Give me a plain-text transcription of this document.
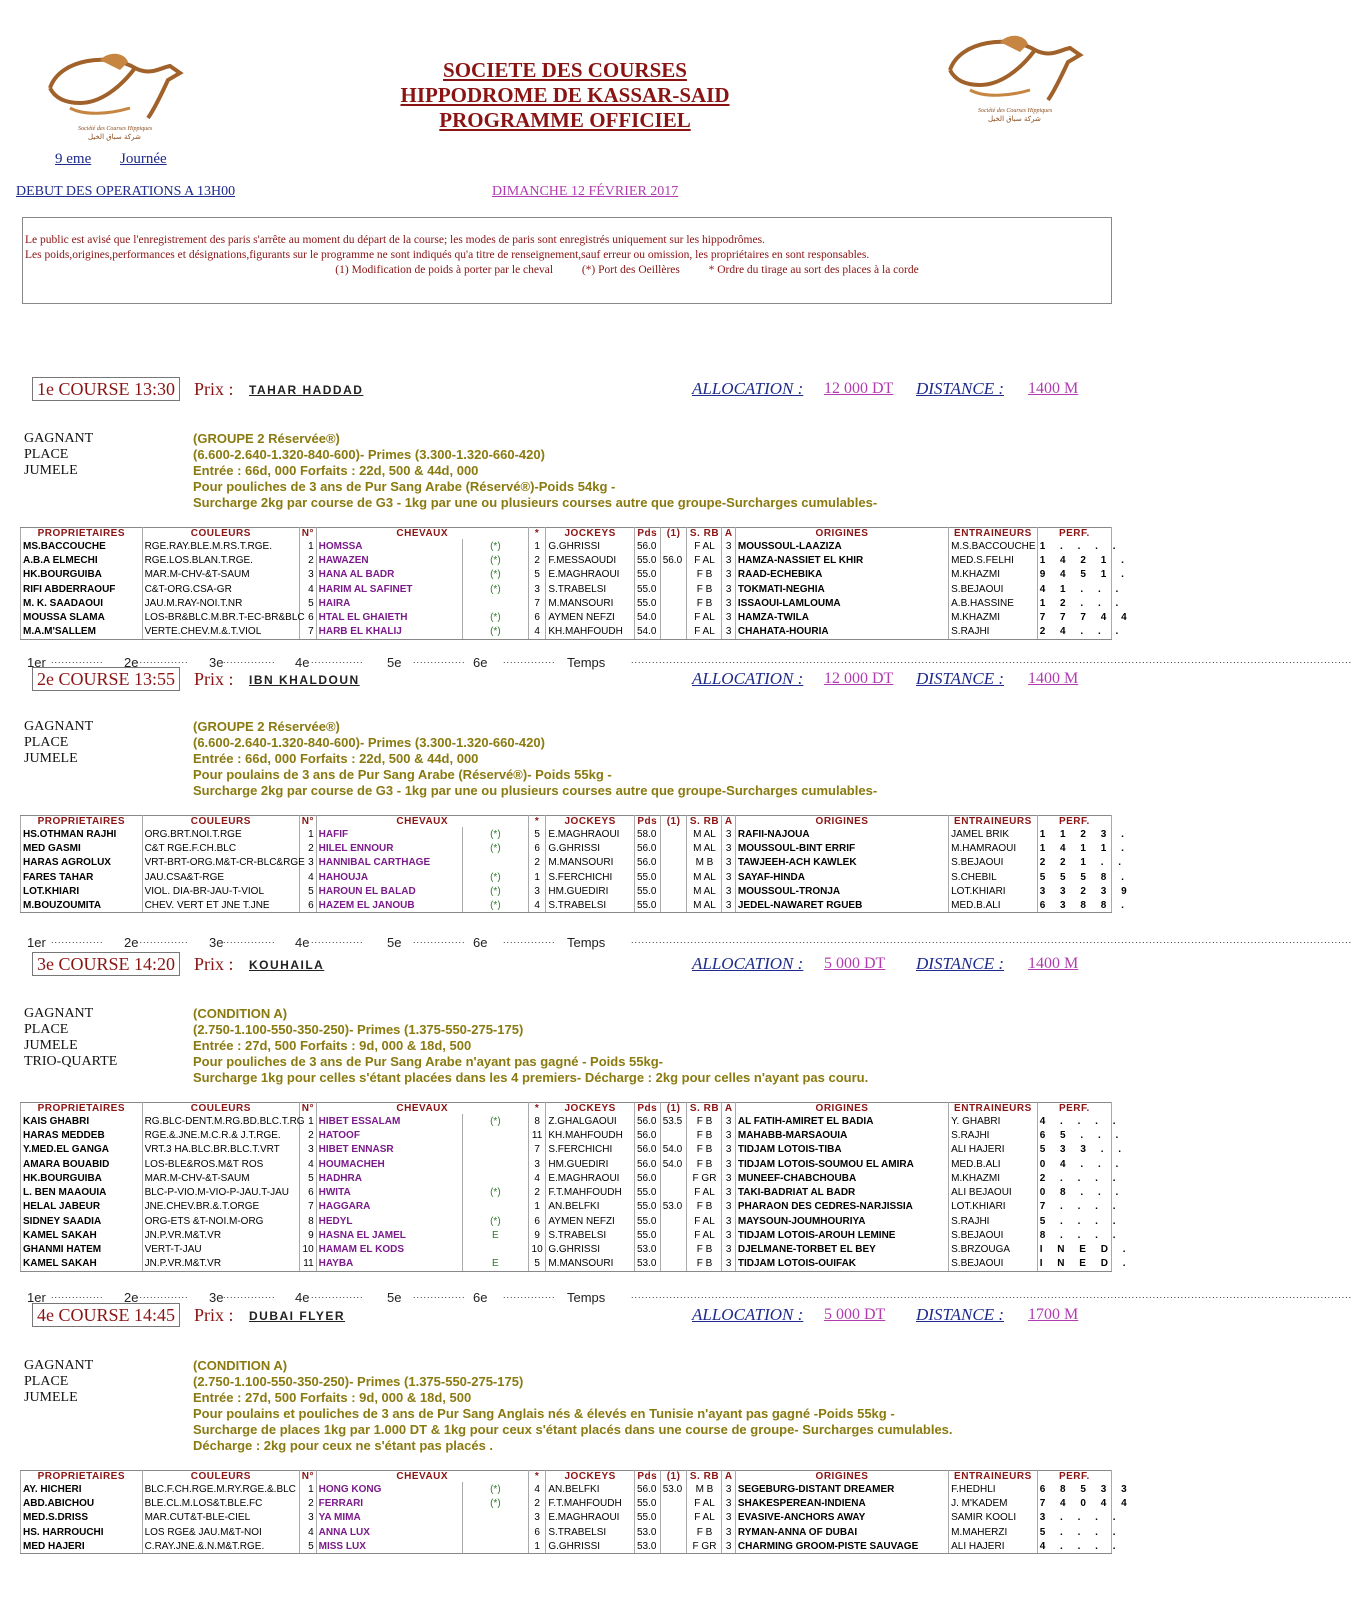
Société des Courses Hippiques
شركة سباق الخيل
Société des Courses Hippiques
شركة سباق الخيل
SOCIETE DES COURSES
HIPPODROME DE KASSAR-SAID
PROGRAMME OFFICIEL
9 eme Journée
DEBUT DES OPERATIONS A 13H00	DIMANCHE 12 FÉVRIER 2017
Le public est avisé que l'enregistrement des paris s'arrête au moment du départ de la course; les modes de paris sont enregistrés uniquement sur les hippodrômes.
Les poids,origines,performances et désignations,figurants sur le programme ne sont indiqués qu'a titre de renseignement,sauf erreur ou omission, les propriétaires en sont responsables.
(1) Modification de poids à porter par le cheval          (*) Port des Oeillères          * Ordre du tirage au sort des places à la corde
1e COURSE 13:30 Prix : TAHAR HADDAD	ALLOCATION : 12 000 DT DISTANCE : 1400 M
GAGNANT
PLACE
JUMELE
(GROUPE 2 Réservée®)
(6.600-2.640-1.320-840-600)- Primes (3.300-1.320-660-420)
Entrée : 66d, 000 Forfaits : 22d, 500 & 44d, 000
Pour pouliches de 3 ans de Pur Sang Arabe (Réservé®)-Poids 54kg -
Surcharge 2kg par course de G3 - 1kg par une ou plusieurs courses autre que groupe-Surcharges cumulables-
PROPRIETAIRES	COULEURS	N°	CHEVAUX		*	JOCKEYS	Pds	(1)	S. RB	A	ORIGINES	ENTRAINEURS	PERF.
MS.BACCOUCHE	RGE.RAY.BLE.M.RS.T.RGE.	1	HOMSSA	(*)	1	G.GHRISSI	56.0		F AL	3	MOUSSOUL-LAAZIZA	M.S.BACCOUCHE	1 . . . .
A.B.A ELMECHI	RGE.LOS.BLAN.T.RGE.	2	HAWAZEN	(*)	2	F.MESSAOUDI	55.0	56.0	F AL	3	HAMZA-NASSIET EL KHIR	MED.S.FELHI	1 4 2 1 .
HK.BOURGUIBA	MAR.M-CHV-&T-SAUM	3	HANA AL BADR	(*)	5	E.MAGHRAOUI	55.0		F B	3	RAAD-ECHEBIKA	M.KHAZMI	9 4 5 1 .
RIFI ABDERRAOUF	C&T-ORG.CSA-GR	4	HARIM AL SAFINET	(*)	3	S.TRABELSI	55.0		F B	3	TOKMATI-NEGHIA	S.BEJAOUI	4 1 . . .
M. K. SAADAOUI	JAU.M.RAY-NOI.T.NR	5	HAIRA		7	M.MANSOURI	55.0		F B	3	ISSAOUI-LAMLOUMA	A.B.HASSINE	1 2 . . .
MOUSSA SLAMA	LOS-BR&BLC.M.BR.T-EC-BR&BLC	6	HTAL EL GHAIETH	(*)	6	AYMEN NEFZI	54.0		F AL	3	HAMZA-TWILA	M.KHAZMI	7 7 7 4 4
M.A.M'SALLEM	VERTE.CHEV.M.&.T.VIOL	7	HARB EL KHALIJ	(*)	4	KH.MAHFOUDH	54.0		F AL	3	CHAHATA-HOURIA	S.RAJHI	2 4 . . .
1er ............... 2e
............... 3e ............... 4e ............... 5e ............... 6e ............... Temps	..............................................................................................................................................................................................................
2e COURSE 13:55 Prix : IBN KHALDOUN	ALLOCATION : 12 000 DT DISTANCE : 1400 M
GAGNANT
PLACE
JUMELE
(GROUPE 2 Réservée®)
(6.600-2.640-1.320-840-600)- Primes (3.300-1.320-660-420)
Entrée : 66d, 000 Forfaits : 22d, 500 & 44d, 000
Pour poulains de 3 ans de Pur Sang Arabe (Réservé®)- Poids 55kg -
Surcharge 2kg par course de G3 - 1kg par une ou plusieurs courses autre que groupe-Surcharges cumulables-
PROPRIETAIRES	COULEURS	N°	CHEVAUX		*	JOCKEYS	Pds	(1)	S. RB	A	ORIGINES	ENTRAINEURS	PERF.
HS.OTHMAN RAJHI	ORG.BRT.NOI.T.RGE	1	HAFIF	(*)	5	E.MAGHRAOUI	58.0		M AL	3	RAFII-NAJOUA	JAMEL BRIK	1 1 2 3 .
MED GASMI	C&T RGE.F.CH.BLC	2	HILEL ENNOUR	(*)	6	G.GHRISSI	56.0		M AL	3	MOUSSOUL-BINT ERRIF	M.HAMRAOUI	1 4 1 1 .
HARAS AGROLUX	VRT-BRT-ORG.M&T-CR-BLC&RGE	3	HANNIBAL CARTHAGE		2	M.MANSOURI	56.0		M B	3	TAWJEEH-ACH KAWLEK	S.BEJAOUI	2 2 1 . .
FARES TAHAR	JAU.CSA&T-RGE	4	HAHOUJA	(*)	1	S.FERCHICHI	55.0		M AL	3	SAYAF-HINDA	S.CHEBIL	5 5 5 8 .
LOT.KHIARI	VIOL. DIA-BR-JAU-T-VIOL	5	HAROUN EL BALAD	(*)	3	HM.GUEDIRI	55.0		M AL	3	MOUSSOUL-TRONJA	LOT.KHIARI	3 3 2 3 9
M.BOUZOUMITA	CHEV. VERT ET JNE T.JNE	6	HAZEM EL JANOUB	(*)	4	S.TRABELSI	55.0		M AL	3	JEDEL-NAWARET RGUEB	MED.B.ALI	6 3 8 8 .
1er ............... 2e
............... 3e ............... 4e ............... 5e ............... 6e ............... Temps	..............................................................................................................................................................................................................
3e COURSE 14:20 Prix : KOUHAILA	ALLOCATION : 5 000 DT DISTANCE : 1400 M
GAGNANT
PLACE
JUMELE
TRIO-QUARTE
(CONDITION A)
(2.750-1.100-550-350-250)- Primes (1.375-550-275-175)
Entrée : 27d, 500 Forfaits : 9d, 000 & 18d, 500
Pour pouliches de 3 ans de Pur Sang Arabe n'ayant pas gagné - Poids 55kg-
Surcharge 1kg pour celles s'étant placées dans les 4 premiers- Décharge : 2kg pour celles n'ayant pas couru.
PROPRIETAIRES	COULEURS	N°	CHEVAUX		*	JOCKEYS	Pds	(1)	S. RB	A	ORIGINES	ENTRAINEURS	PERF.
KAIS GHABRI	RG.BLC-DENT.M.RG.BD.BLC.T.RG	1	HIBET ESSALAM	(*)	8	Z.GHALGAOUI	56.0	53.5	F B	3	AL FATIH-AMIRET EL BADIA	Y. GHABRI	4 . . . .
HARAS MEDDEB	RGE.&.JNE.M.C.R.& J.T.RGE.	2	HATOOF		11	KH.MAHFOUDH	56.0		F B	3	MAHABB-MARSAOUIA	S.RAJHI	6 5 . . .
Y.MED.EL GANGA	VRT.3 HA.BLC.BR.BLC.T.VRT	3	HIBET ENNASR		7	S.FERCHICHI	56.0	54.0	F B	3	TIDJAM LOTOIS-TIBA	ALI HAJERI	5 3 3 . .
AMARA BOUABID	LOS-BLE&ROS.M&T ROS	4	HOUMACHEH		3	HM.GUEDIRI	56.0	54.0	F B	3	TIDJAM LOTOIS-SOUMOU EL AMIRA	MED.B.ALI	0 4 . . .
HK.BOURGUIBA	MAR.M-CHV-&T-SAUM	5	HADHRA		4	E.MAGHRAOUI	56.0		F GR	3	MUNEEF-CHABCHOUBA	M.KHAZMI	2 . . . .
L. BEN MAAOUIA	BLC-P-VIO.M-VIO-P-JAU.T-JAU	6	HWITA	(*)	2	F.T.MAHFOUDH	55.0		F AL	3	TAKI-BADRIAT AL BADR	ALI BEJAOUI	0 8 . . .
HELAL JABEUR	JNE.CHEV.BR.&.T.ORGE	7	HAGGARA		1	AN.BELFKI	55.0	53.0	F B	3	PHARAON DES CEDRES-NARJISSIA	LOT.KHIARI	7 . . . .
SIDNEY SAADIA	ORG-ETS &T-NOI.M-ORG	8	HEDYL	(*)	6	AYMEN NEFZI	55.0		F AL	3	MAYSOUN-JOUMHOURIYA	S.RAJHI	5 . . . .
KAMEL SAKAH	JN.P.VR.M&T.VR	9	HASNA EL JAMEL	E	9	S.TRABELSI	55.0		F AL	3	TIDJAM LOTOIS-AROUH LEMINE	S.BEJAOUI	8 . . . .
GHANMI HATEM	VERT-T-JAU	10	HAMAM EL KODS		10	G.GHRISSI	53.0		F B	3	DJELMANE-TORBET EL BEY	S.BRZOUGA	I N E D .
KAMEL SAKAH	JN.P.VR.M&T.VR	11	HAYBA	E	5	M.MANSOURI	53.0		F B	3	TIDJAM LOTOIS-OUIFAK	S.BEJAOUI	I N E D .
1er ............... 2e
............... 3e ............... 4e ............... 5e ............... 6e ............... Temps	..............................................................................................................................................................................................................
4e COURSE 14:45 Prix : DUBAI FLYER	ALLOCATION : 5 000 DT DISTANCE : 1700 M
GAGNANT
PLACE
JUMELE
(CONDITION A)
(2.750-1.100-550-350-250)- Primes (1.375-550-275-175)
Entrée : 27d, 500 Forfaits : 9d, 000 & 18d, 500
Pour poulains et pouliches de 3 ans de Pur Sang Anglais nés & élevés en Tunisie n'ayant pas gagné -Poids 55kg -
Surcharge de places 1kg par 1.000 DT & 1kg pour ceux s'étant placés dans une course de groupe- Surcharges cumulables.
Décharge : 2kg pour ceux ne s'étant pas placés .
PROPRIETAIRES	COULEURS	N°	CHEVAUX		*	JOCKEYS	Pds	(1)	S. RB	A	ORIGINES	ENTRAINEURS	PERF.
AY. HICHERI	BLC.F.CH.RGE.M.RY.RGE.&.BLC	1	HONG KONG	(*)	4	AN.BELFKI	56.0	53.0	M B	3	SEGEBURG-DISTANT DREAMER	F.HEDHLI	6 8 5 3 3
ABD.ABICHOU	BLE.CL.M.LOS&T.BLE.FC	2	FERRARI	(*)	2	F.T.MAHFOUDH	55.0		F AL	3	SHAKESPEREAN-INDIENA	J. M'KADEM	7 4 0 4 4
MED.S.DRISS	MAR.CUT&T-BLE-CIEL	3	YA MIMA		3	E.MAGHRAOUI	55.0		F AL	3	EVASIVE-ANCHORS AWAY	SAMIR KOOLI	3 . . . .
HS. HARROUCHI	LOS RGE& JAU.M&T-NOI	4	ANNA LUX		6	S.TRABELSI	53.0		F B	3	RYMAN-ANNA OF DUBAI	M.MAHERZI	5 . . . .
MED HAJERI	C.RAY.JNE.&.N.M&T.RGE.	5	MISS LUX		1	G.GHRISSI	53.0		F GR	3	CHARMING GROOM-PISTE SAUVAGE	ALI HAJERI	4 . . . .
